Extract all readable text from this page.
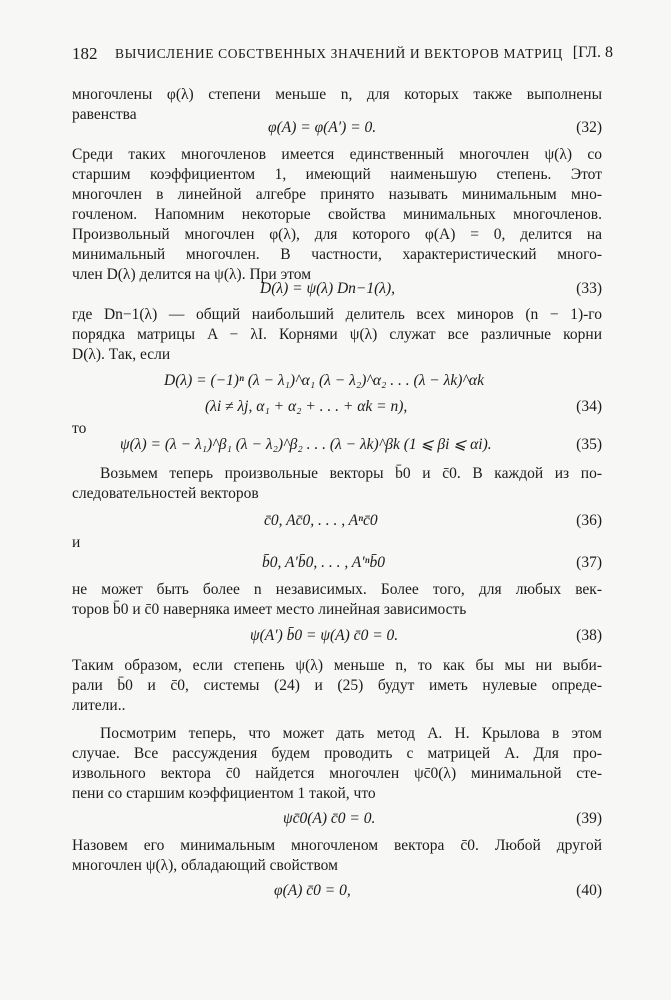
182 ВЫЧИСЛЕНИЕ СОБСТВЕННЫХ ЗНАЧЕНИЙ И ВЕКТОРОВ МАТРИЦ [ГЛ. 8
многочлены φ(λ) степени меньше n, для которых также выполнены
равенства
φ(A) = φ(A′) = 0.	(32)
Среди таких многочленов имеется единственный многочлен ψ(λ) со
старшим коэффициентом 1, имеющий наименьшую степень. Этот
многочлен в линейной алгебре принято называть минимальным мно-
гочленом. Напомним некоторые свойства минимальных многочленов.
Произвольный многочлен φ(λ), для которого φ(A) = 0, делится на
минимальный многочлен. В частности, характеристический много-
член D(λ) делится на ψ(λ). При этом
D(λ) = ψ(λ) Dn−1(λ),	(33)
где Dn−1(λ) — общий наибольший делитель всех миноров (n − 1)-го
порядка матрицы A − λI. Корнями ψ(λ) служат все различные корни
D(λ). Так, если
D(λ) = (−1)ⁿ (λ − λ₁)^α₁ (λ − λ₂)^α₂ . . . (λ − λk)^αk
(λi ≠ λj, α₁ + α₂ + . . . + αk = n),	(34)
то
ψ(λ) = (λ − λ₁)^β₁ (λ − λ₂)^β₂ . . . (λ − λk)^βk (1 ⩽ βi ⩽ αi).	(35)
Возьмем теперь произвольные векторы b̄0 и c̄0. В каждой из по-
следовательностей векторов
c̄0, Ac̄0, . . . , Aⁿc̄0	(36)
и
b̄0, A′b̄0, . . . , A′ⁿb̄0	(37)
не может быть более n независимых. Более того, для любых век-
торов b̄0 и c̄0 наверняка имеет место линейная зависимость
ψ(A′) b̄0 = ψ(A) c̄0 = 0.	(38)
Таким образом, если степень ψ(λ) меньше n, то как бы мы ни выби-
рали b̄0 и c̄0, системы (24) и (25) будут иметь нулевые опреде-
лители..
Посмотрим теперь, что может дать метод А. Н. Крылова в этом
случае. Все рассуждения будем проводить с матрицей A. Для про-
извольного вектора c̄0 найдется многочлен ψc̄0(λ) минимальной сте-
пени со старшим коэффициентом 1 такой, что
ψc̄0(A) c̄0 = 0.	(39)
Назовем его минимальным многочленом вектора c̄0. Любой другой
многочлен ψ(λ), обладающий свойством
φ(A) c̄0 = 0,	(40)
